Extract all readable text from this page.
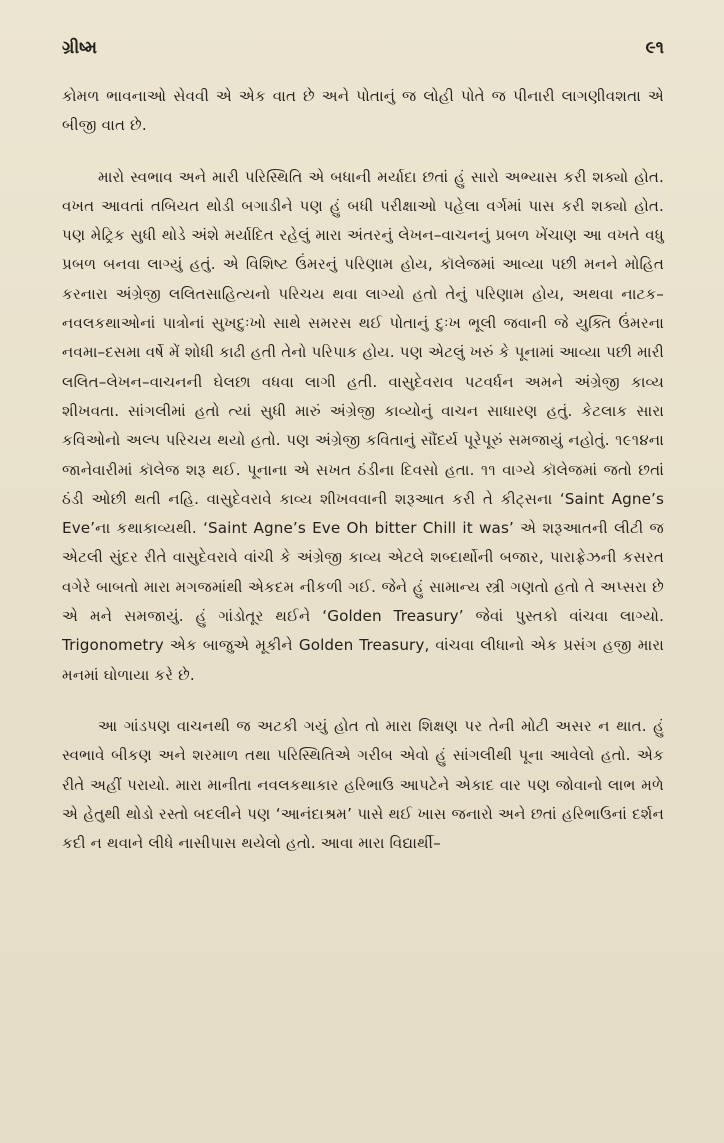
ગ્રીષ્મ	૯૧

કોમળ ભાવનાઓ સેવવી એ એક વાત છે અને પોતાનું જ લોહી પોતે જ પીનારી લાગણીવશતા એ બીજી વાત છે.

મારો સ્વભાવ અને મારી પરિસ્થિતિ એ બધાની મર્યાદા છતાં હું સારો અભ્યાસ કરી શક્યો હોત. વખત આવતાં તબિયત થોડી બગાડીને પણ હું બધી પરીક્ષાઓ પહેલા વર્ગમાં પાસ કરી શક્યો હોત. પણ મેટ્રિક સુધી થોડે અંશે મર્યાદિત રહેલું મારા અંતરનું લેખન–વાચનનું પ્રબળ ખેંચાણ આ વખતે વધુ પ્રબળ બનવા લાગ્યું હતું. એ વિશિષ્ટ ઉંમરનું પરિણામ હોય, કૉલેજમાં આવ્યા પછી મનને મોહિત કરનારા અંગ્રેજી લલિતસાહિત્યનો પરિચય થવા લાગ્યો હતો તેનું પરિણામ હોય, અથવા નાટક–નવલકથાઓનાં પાત્રોનાં સુખદુઃખો સાથે સમરસ થઈ પોતાનું દુઃખ ભૂલી જવાની જે યુક્તિ ઉંમરના નવમા–દસમા વર્ષે મેં શોધી કાઢી હતી તેનો પરિપાક હોય. પણ એટલું ખરું કે પૂનામાં આવ્યા પછી મારી લલિત–લેખન–વાચનની ઘેલછા વધવા લાગી હતી. વાસુદેવરાવ પટવર્ધન અમને અંગ્રેજી કાવ્ય શીખવતા. સાંગલીમાં હતો ત્યાં સુધી મારું અંગ્રેજી કાવ્યોનું વાચન સાધારણ હતું. કેટલાક સારા કવિઓનો અલ્પ પરિચય થયો હતો. પણ અંગ્રેજી કવિતાનું સૌંદર્ય પૂરેપૂરું સમજાયું નહોતું. ૧૯૧૪ના જાનેવારીમાં કૉલેજ શરૂ થઈ. પૂનાના એ સખત ઠંડીના દિવસો હતા. ૧૧ વાગ્યે કૉલેજમાં જતો છતાં ઠંડી ઓછી થતી નહિ. વાસુદેવરાવે કાવ્ય શીખવવાની શરૂઆત કરી તે કીટ્સના ‘Saint Agne’s Eve’ના કથાકાવ્યથી. ‘Saint Agne’s Eve Oh bitter Chill it was’ એ શરૂઆતની લીટી જ એટલી સુંદર રીતે વાસુદેવરાવે વાંચી કે અંગ્રેજી કાવ્ય એટલે શબ્દાર્થોની બજાર, પારાફ્રેઝની કસરત વગેરે બાબતો મારા મગજમાંથી એકદમ નીકળી ગઈ. જેને હું સામાન્ય સ્ત્રી ગણતો હતો તે અપ્સરા છે એ મને સમજાયું. હું ગાંડોતૂર થઈને ‘Golden Treasury’ જેવાં પુસ્તકો વાંચવા લાગ્યો. Trigonometry એક બાજુએ મૂકીને Golden Treasury, વાંચવા લીધાનો એક પ્રસંગ હજી મારા મનમાં ઘોળાયા કરે છે.

આ ગાંડપણ વાચનથી જ અટકી ગયું હોત તો મારા શિક્ષણ પર તેની મોટી અસર ન થાત. હું સ્વભાવે બીકણ અને શરમાળ તથા પરિસ્થિતિએ ગરીબ એવો હું સાંગલીથી પૂના આવેલો હતો. એક રીતે અહીં પરાયો. મારા માનીતા નવલકથાકાર હરિભાઉ આપટેને એકાદ વાર પણ જોવાનો લાભ મળે એ હેતુથી થોડો રસ્તો બદલીને પણ ‘આનંદાશ્રમ’ પાસે થઈ ખાસ જનારો અને છતાં હરિભાઉનાં દર્શન કદી ન થવાને લીધે નાસીપાસ થયેલો હતો. આવા મારા વિદ્યાર્થી–
